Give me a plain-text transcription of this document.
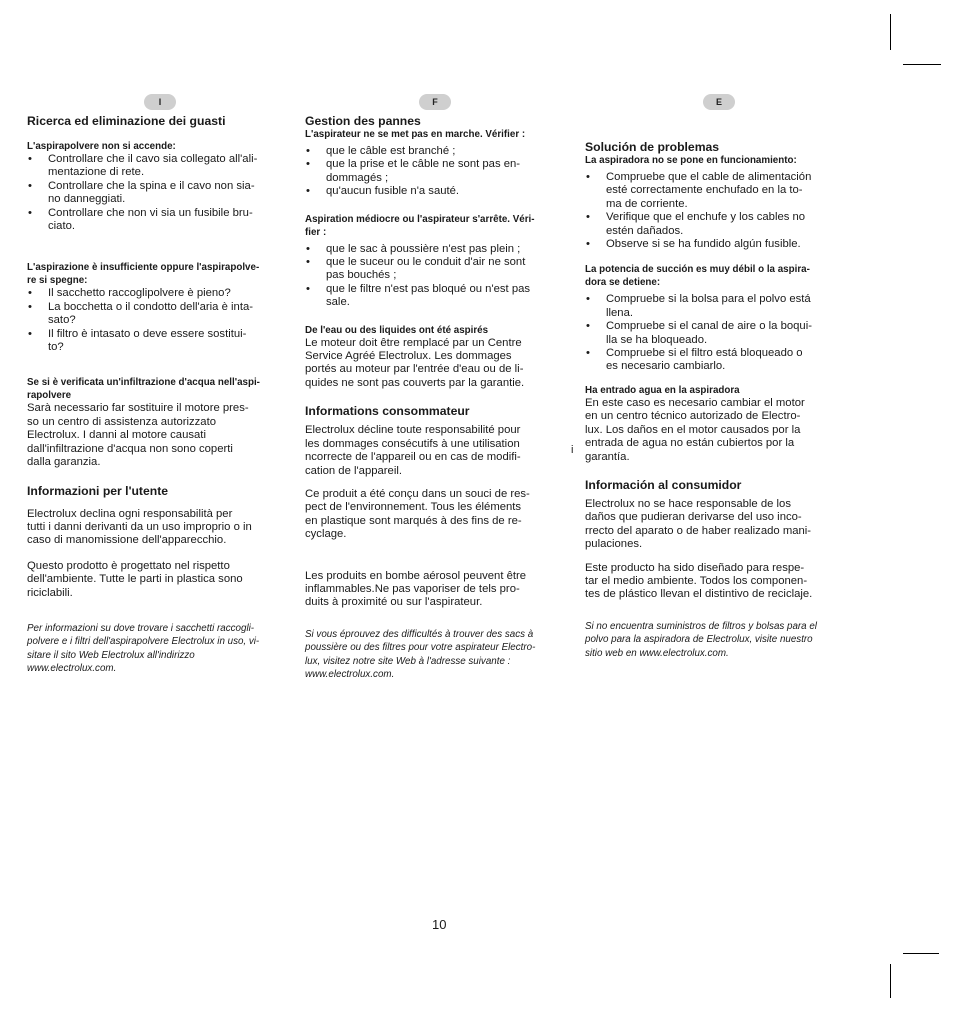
I	F	E
Ricerca ed eliminazione dei guasti
L'aspirapolvere non si accende:
• Controllare che il cavo sia collegato all'ali-
mentazione di rete.
• Controllare che la spina e il cavo non sia-
no danneggiati.
• Controllare che non vi sia un fusibile bru-
ciato.
L'aspirazione è insufficiente oppure l'aspirapolve-
re si spegne:
• Il sacchetto raccoglipolvere è pieno?
• La bocchetta o il condotto dell'aria è inta-
sato?
• Il filtro è intasato o deve essere sostitui-
to?
Se si è verificata un'infiltrazione d'acqua nell'aspi-
rapolvere

Sarà necessario far sostituire il motore pres-
so un centro di assistenza autorizzato
Electrolux. I danni al motore causati
dall'infiltrazione d'acqua non sono coperti
dalla garanzia.

Informazioni per l'utente

Electrolux declina ogni responsabilità per
tutti i danni derivanti da un uso improprio o in
caso di manomissione dell'apparecchio.

Questo prodotto è progettato nel rispetto
dell'ambiente. Tutte le parti in plastica sono
riciclabili.

Per informazioni su dove trovare i sacchetti raccogli-
polvere e i filtri dell'aspirapolvere Electrolux in uso, vi-
sitare il sito Web Electrolux all'indirizzo
www.electrolux.com.

Gestion des pannes
L'aspirateur ne se met pas en marche. Vérifier :
• que le câble est branché ;
• que la prise et le câble ne sont pas en-
dommagés ;
• qu'aucun fusible n'a sauté.
Aspiration médiocre ou l'aspirateur s'arrête. Véri-
fier :
• que le sac à poussière n'est pas plein ;
• que le suceur ou le conduit d'air ne sont
pas bouchés ;
• que le filtre n'est pas bloqué ou n'est pas
sale.
De l'eau ou des liquides ont été aspirés

Le moteur doit être remplacé par un Centre
Service Agréé Electrolux. Les dommages
portés au moteur par l'entrée d'eau ou de li-
quides ne sont pas couverts par la garantie.

Informations consommateur

Electrolux décline toute responsabilité pour
les dommages consécutifs à une utilisation
ncorrecte de l'appareil ou en cas de modifi-
cation de l'appareil.

Ce produit a été conçu dans un souci de res-
pect de l'environnement. Tous les éléments
en plastique sont marqués à des fins de re-
cyclage.

Les produits en bombe aérosol peuvent être
inflammables.Ne pas vaporiser de tels pro-
duits à proximité ou sur l'aspirateur.

Si vous éprouvez des difficultés à trouver des sacs à
poussière ou des filtres pour votre aspirateur Electro-
lux, visitez notre site Web à l'adresse suivante :
www.electrolux.com.

i
Solución de problemas
La aspiradora no se pone en funcionamiento:
• Compruebe que el cable de alimentación
esté correctamente enchufado en la to-
ma de corriente.
• Verifique que el enchufe y los cables no
estén dañados.
• Observe si se ha fundido algún fusible.
La potencia de succión es muy débil o la aspira-
dora se detiene:
• Compruebe si la bolsa para el polvo está
llena.
• Compruebe si el canal de aire o la boqui-
lla se ha bloqueado.
• Compruebe si el filtro está bloqueado o
es necesario cambiarlo.
Ha entrado agua en la aspiradora

En este caso es necesario cambiar el motor
en un centro técnico autorizado de Electro-
lux. Los daños en el motor causados por la
entrada de agua no están cubiertos por la
garantía.

Información al consumidor

Electrolux no se hace responsable de los
daños que pudieran derivarse del uso inco-
rrecto del aparato o de haber realizado mani-
pulaciones.

Este producto ha sido diseñado para respe-
tar el medio ambiente. Todos los componen-
tes de plástico llevan el distintivo de reciclaje.

Si no encuentra suministros de filtros y bolsas para el
polvo para la aspiradora de Electrolux, visite nuestro
sitio web en www.electrolux.com.

10
